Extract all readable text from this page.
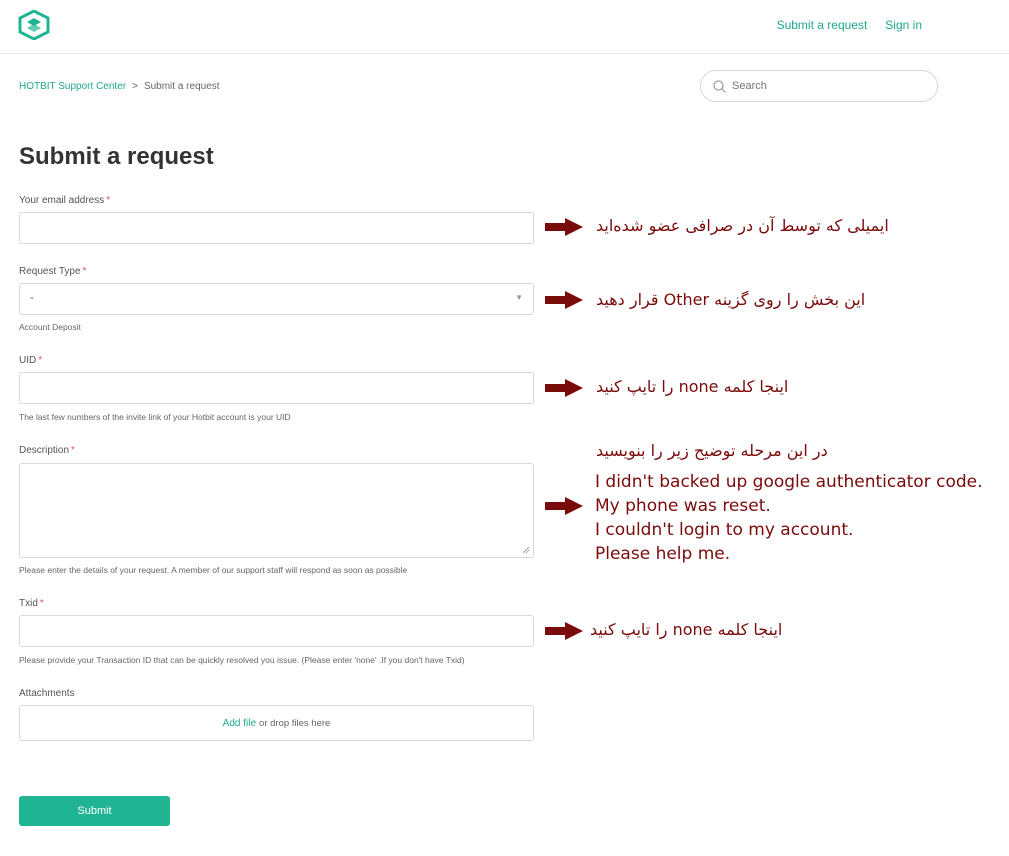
Submit a request Sign in
HOTBIT Support Center > Submit a request
Search
Submit a request
Your email address *
Request Type *
-	▼
Account Deposit
UID *
The last few numbers of the invite link of your Hotbit account is your UID
Description *
Please enter the details of your request. A member of our support staff will respond as soon as possible
Txid *
Please provide your Transaction ID that can be quickly resolved you issue. (Please enter 'none' .If you don't have Txid)
Attachments
Add file or drop files here
Submit
ایمیلی که توسط آن در صرافی عضو شده‌اید
این بخش را روی گزینه Other قرار دهید
اینجا کلمه none را تایپ کنید
در این مرحله توضیح زیر را بنویسید
I didn't backed up google authenticator code.
My phone was reset.
I couldn't login to my account.
Please help me.
اینجا کلمه none را تایپ کنید
